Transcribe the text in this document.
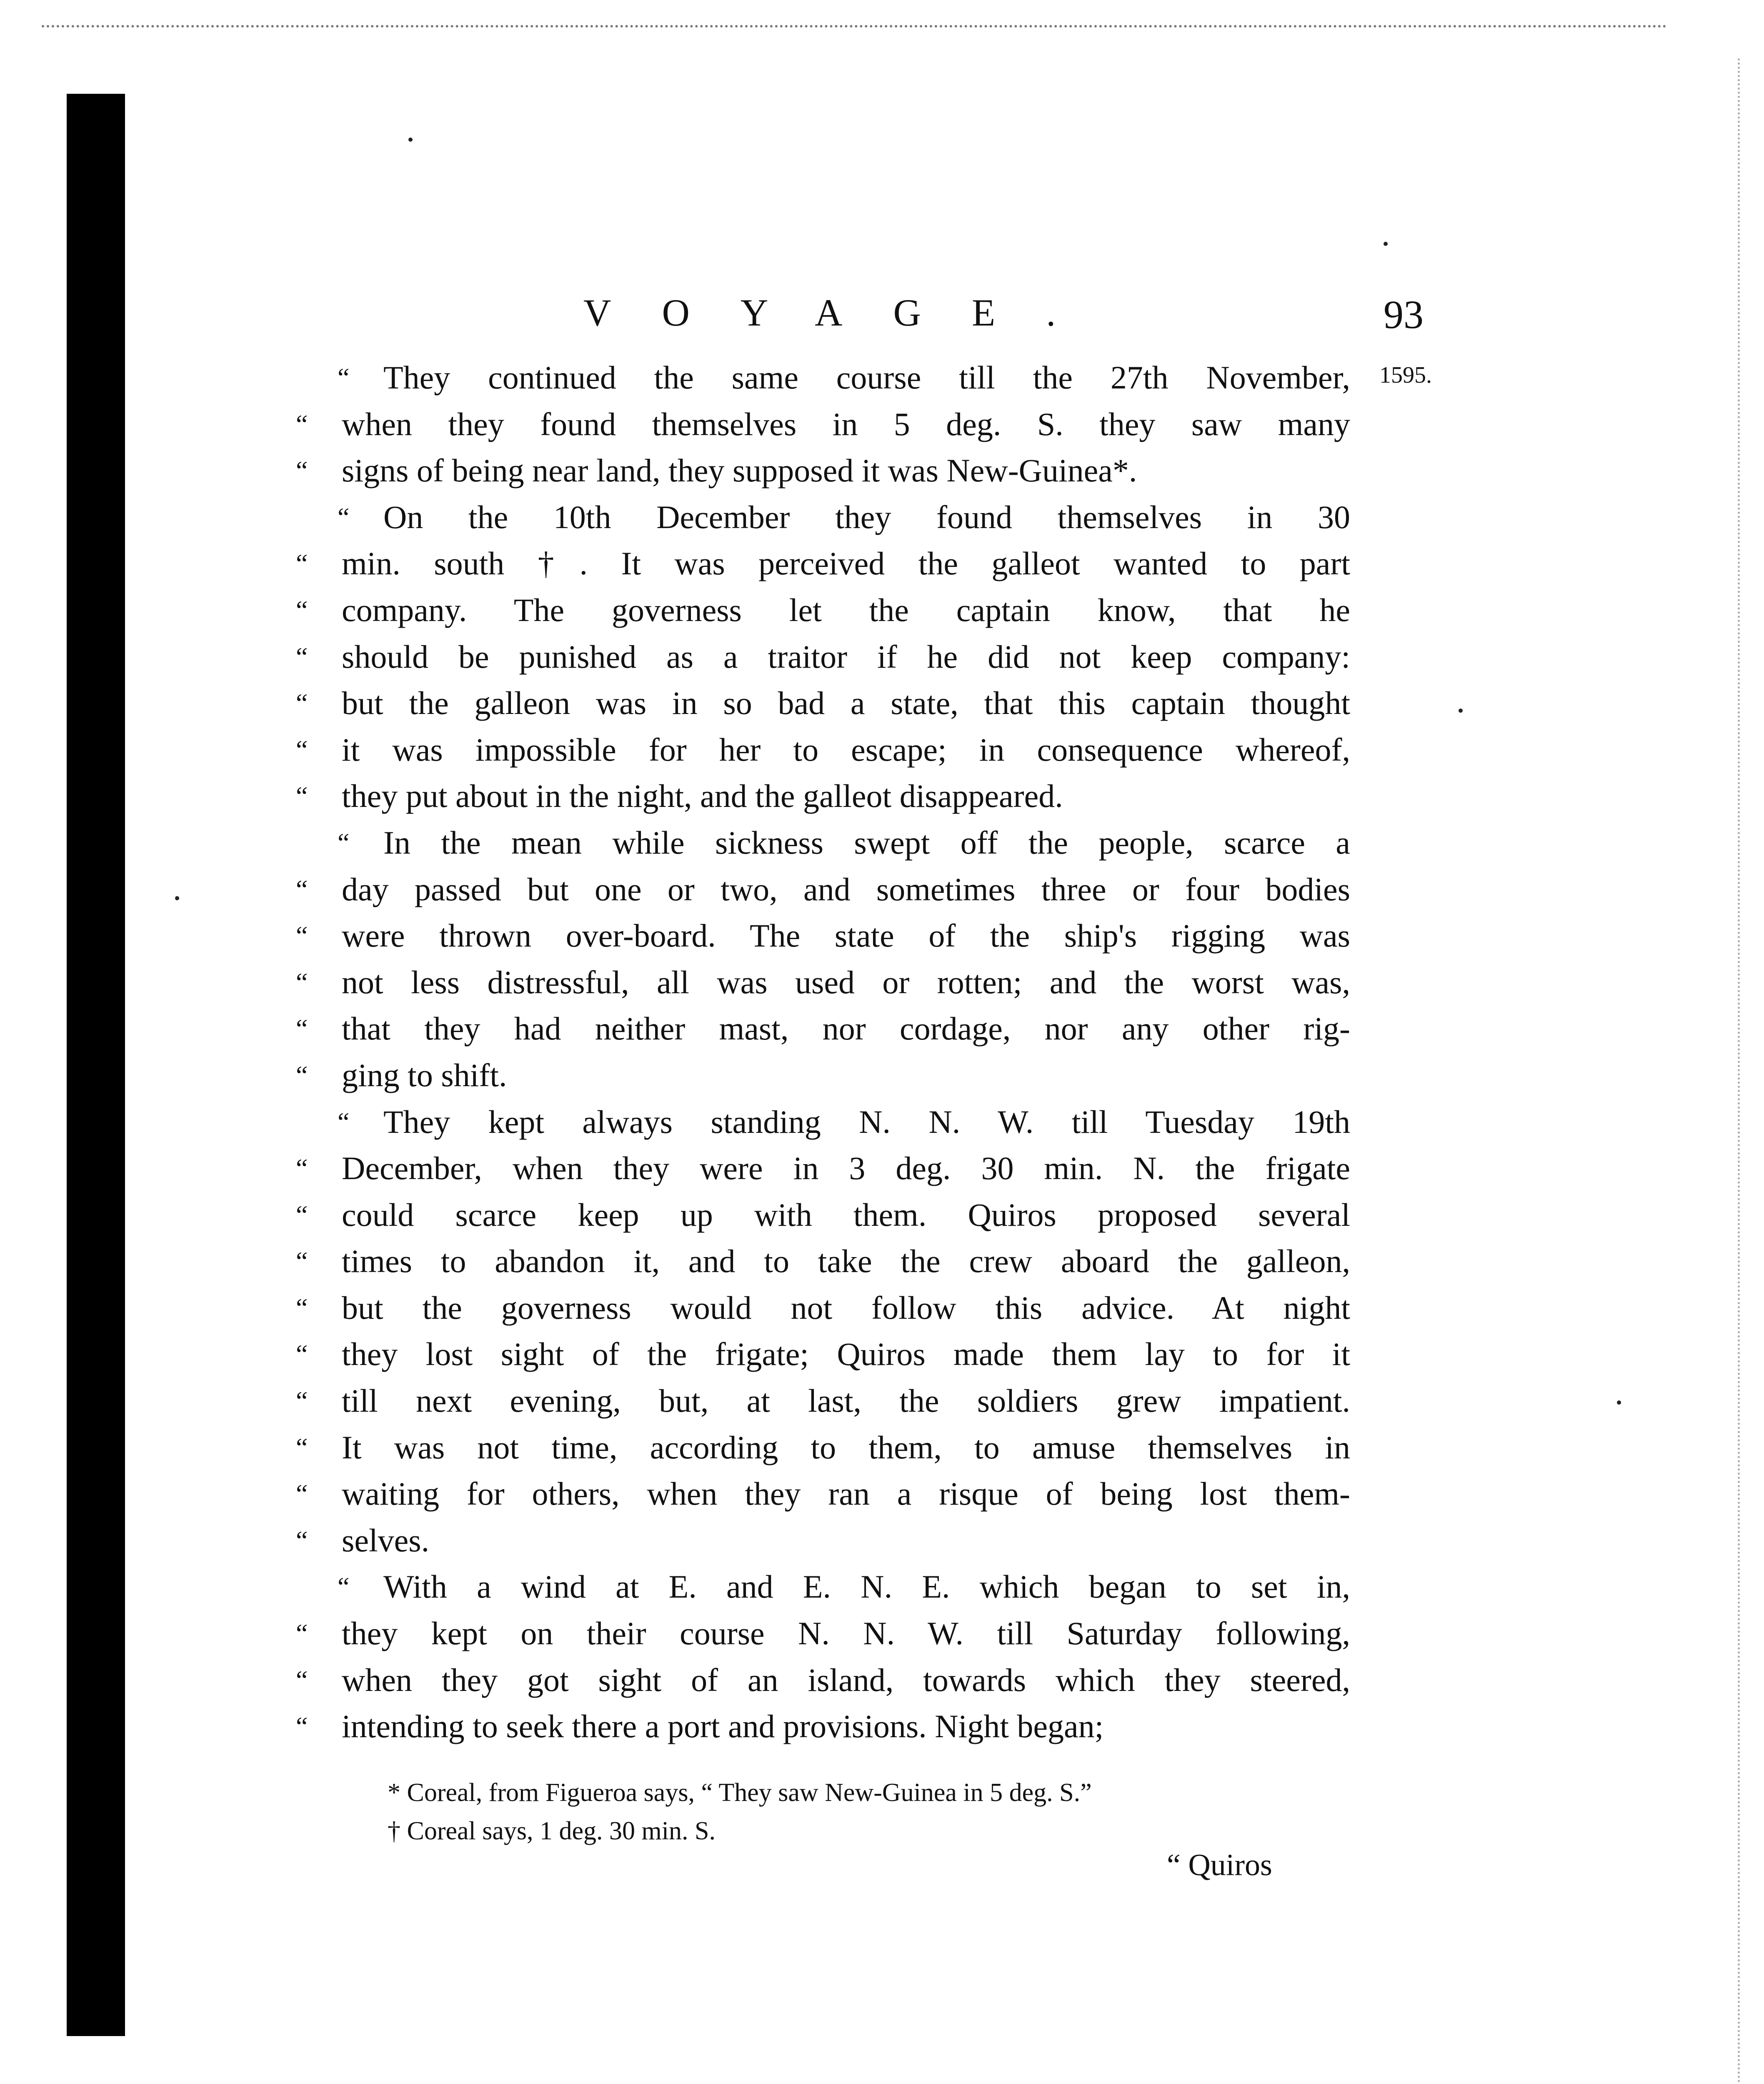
VOYAGE.	93
1595.
“ They continued the same course till the 27th November,
“ when they found themselves in 5 deg. S. they saw many
“ signs of being near land, they supposed it was New-Guinea*.
“ On the 10th December they found themselves in 30
“ min. south †. It was perceived the galleot wanted to part
“ company. The governess let the captain know, that he
“ should be punished as a traitor if he did not keep company:
“ but the galleon was in so bad a state, that this captain thought
“ it was impossible for her to escape; in consequence whereof,
“ they put about in the night, and the galleot disappeared.
“ In the mean while sickness swept off the people, scarce a
“ day passed but one or two, and sometimes three or four bodies
“ were thrown over-board. The state of the ship's rigging was
“ not less distressful, all was used or rotten; and the worst was,
“ that they had neither mast, nor cordage, nor any other rig-
“ ging to shift.
“ They kept always standing N. N. W. till Tuesday 19th
“ December, when they were in 3 deg. 30 min. N. the frigate
“ could scarce keep up with them. Quiros proposed several
“ times to abandon it, and to take the crew aboard the galleon,
“ but the governess would not follow this advice. At night
“ they lost sight of the frigate; Quiros made them lay to for it
“ till next evening, but, at last, the soldiers grew impatient.
“ It was not time, according to them, to amuse themselves in
“ waiting for others, when they ran a risque of being lost them-
“ selves.
“ With a wind at E. and E. N. E. which began to set in,
“ they kept on their course N. N. W. till Saturday following,
“ when they got sight of an island, towards which they steered,
“ intending to seek there a port and provisions. Night began;
* Coreal, from Figueroa says, “ They saw New-Guinea in 5 deg. S.”
† Coreal says, 1 deg. 30 min. S.
“ Quiros
